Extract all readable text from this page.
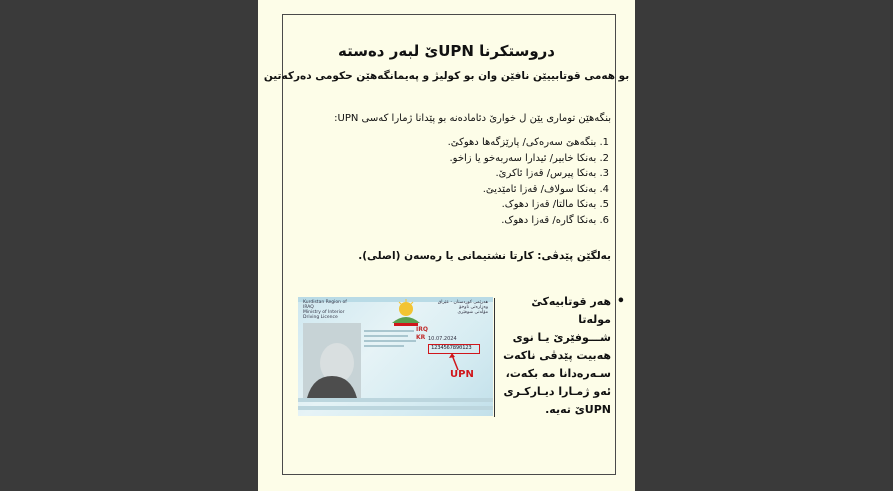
دروستکرنا UPNێ لبەر دەستە
بو هەمی قوتابییێن نافێن وان بو کولیژ و پەیمانگەهێن حکومی دەرکەتین
بنگەهێن توماری یێن ل خوارێ دئامادەنە بو پێدانا ژمارا کەسی UPN:
1. بنگەهێ سەرەکی/ پارێزگەها دهوکێ.
2. بەنکا خابیر/ ئیدارا سەربەخو یا زاخو.
3. بەنکا پیرس/ قەزا ئاکرێ.
4. بەنکا سولاف/ قەزا ئامێدیێ.
5. بەنکا مالتا/ قەزا دهوک.
6. بەنکا گارە/ قەزا دهوک.
بەلگێن پێدڤی: کارتا نشتیمانی یا رەسەن (اصلی).
•
هەر قوتابیەکێ مولەتا
شـــوفێرێ یـا نوی
هەبیت پێدڤی ناکەت
سـەرەدانا مە بکەت،
ئەو ژمـارا دیـارکـری
UPNێ تەیە.
Kurdistan Region of
IRAQ
Ministry of Interior
Driving Licence
هەرێمی کوردستان - عێراق
وەزارەتی ناوخۆ
مۆڵەتی شوفێری
IRQ
KR 10.07.2024
1234567890123
UPN
